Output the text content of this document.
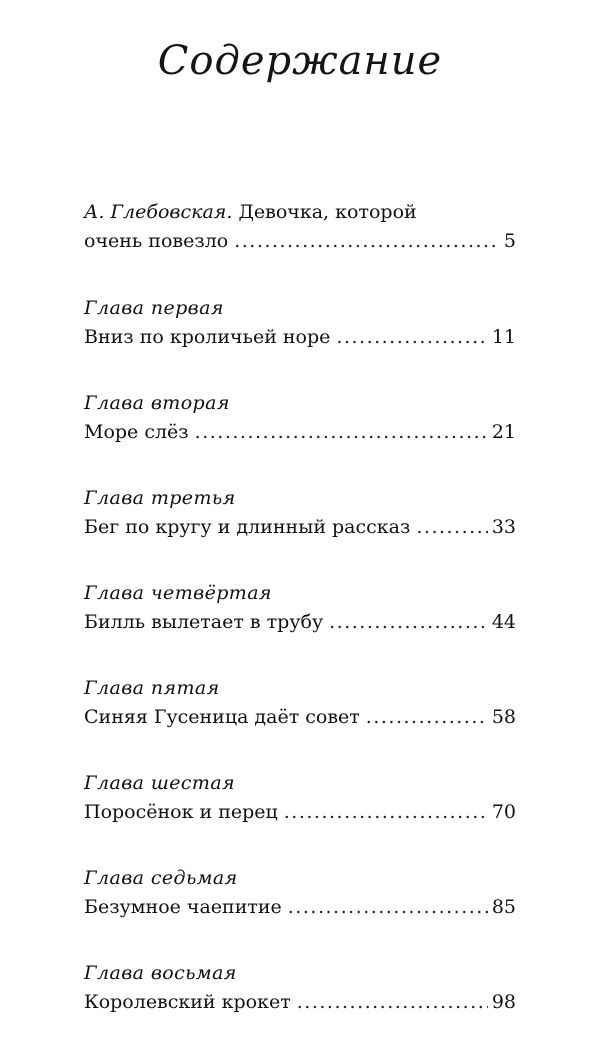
Содержание
А. Глебовская. Девочка, которой
очень повезло .....	5
Глава первая
Вниз по кроличьей норе .....	11
Глава вторая
Море слёз .....	21
Глава третья
Бег по кругу и длинный рассказ .....	33
Глава четвёртая
Билль вылетает в трубу .....	44
Глава пятая
Синяя Гусеница даёт совет .....	58
Глава шестая
Поросёнок и перец .....	70
Глава седьмая
Безумное чаепитие .....	85
Глава восьмая
Королевский крокет .....	98
